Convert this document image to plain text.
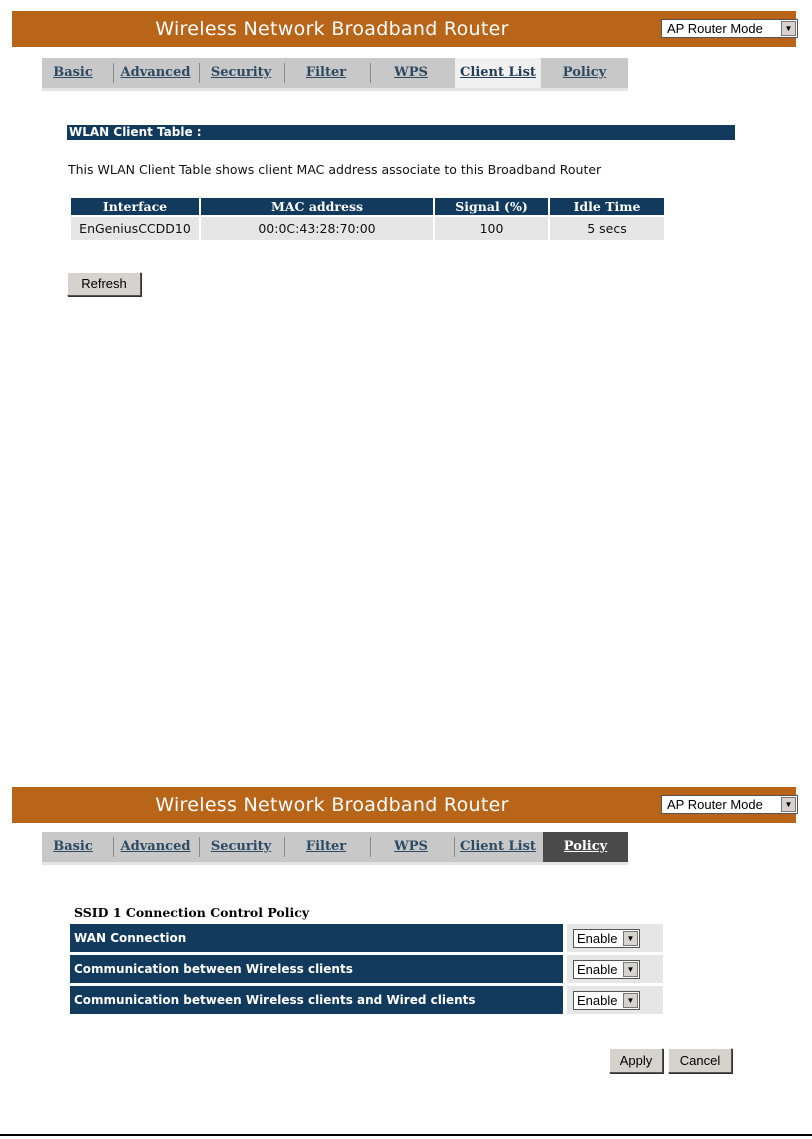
Wireless Network Broadband Router	AP Router Mode	▼
Basic	Advanced	Security	Filter	WPS	Client List	Policy
WLAN Client Table :
This WLAN Client Table shows client MAC address associate to this Broadband Router
Interface	MAC address	Signal (%)	Idle Time
EnGeniusCCDD10	00:0C:43:28:70:00	100	5 secs
Refresh
Wireless Network Broadband Router	AP Router Mode	▼
Basic	Advanced	Security	Filter	WPS	Client List	Policy
SSID 1 Connection Control Policy
WAN Connection	Enable	▼
Communication between Wireless clients	Enable	▼
Communication between Wireless clients and Wired clients	Enable	▼
Apply	Cancel
